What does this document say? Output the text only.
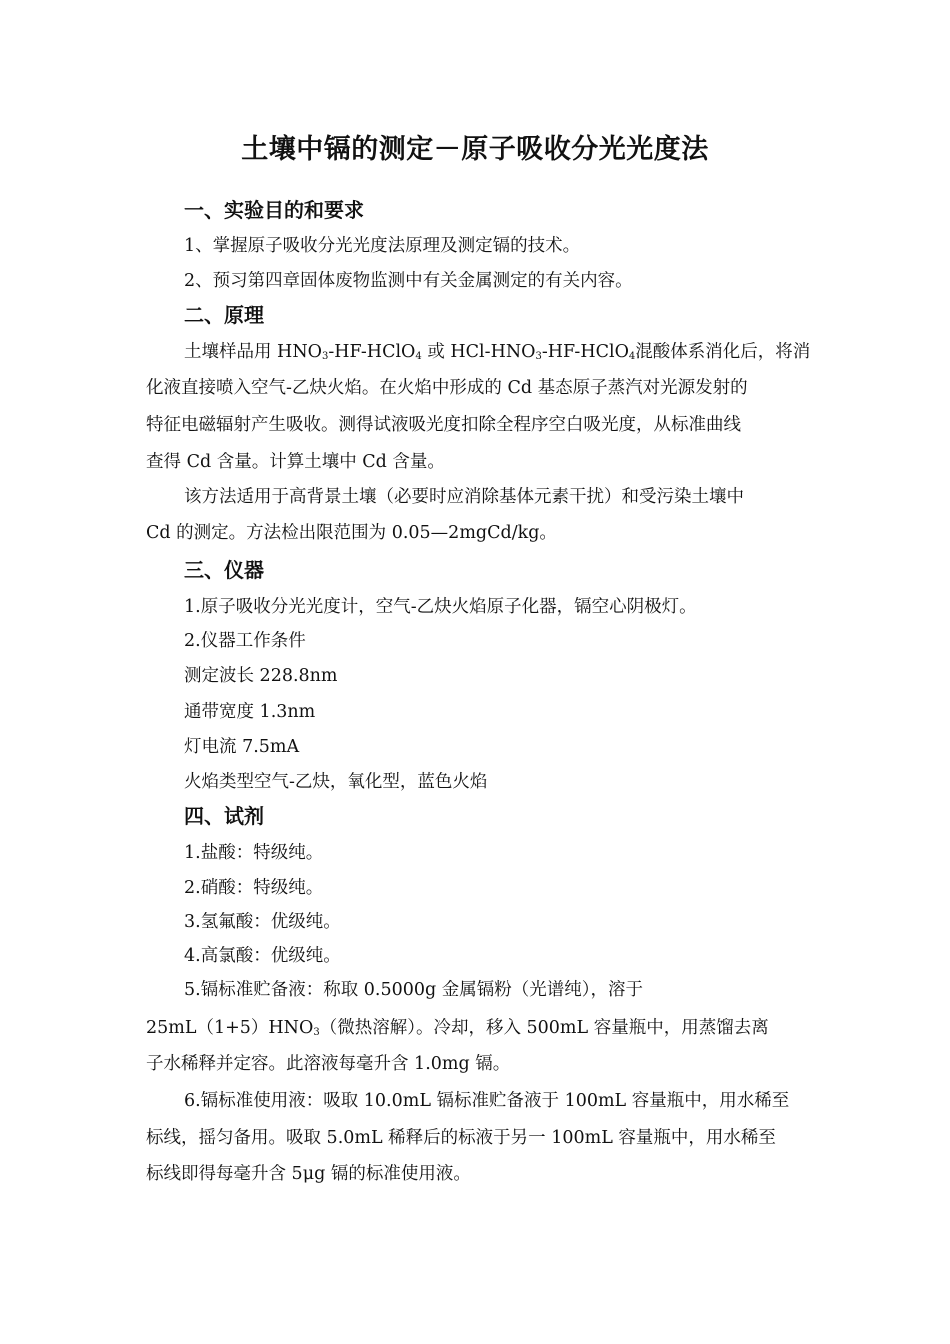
土壤中镉的测定－原子吸收分光光度法
一、实验目的和要求
1、掌握原子吸收分光光度法原理及测定镉的技术。
2、预习第四章固体废物监测中有关金属测定的有关内容。
二、原理
土壤样品用 $HNO_3-HF-HClO_4$ 或 HCl-$HNO_3-HF-HClO_4$混酸体系消化后，将消
化液直接喷入空气-乙炔火焰。在火焰中形成的 Cd 基态原子蒸汽对光源发射的
特征电磁辐射产生吸收。测得试液吸光度扣除全程序空白吸光度，从标准曲线
查得 Cd 含量。计算土壤中 Cd 含量。
该方法适用于高背景土壤（必要时应消除基体元素干扰）和受污染土壤中
Cd 的测定。方法检出限范围为 0.05—2mgCd/kg。
三、仪器
1.原子吸收分光光度计，空气-乙炔火焰原子化器，镉空心阴极灯。
2.仪器工作条件
测定波长 228.8nm
通带宽度 1.3nm
灯电流 7.5mA
火焰类型空气-乙炔，氧化型，蓝色火焰
四、试剂
1.盐酸：特级纯。
2.硝酸：特级纯。
3.氢氟酸：优级纯。
4.高氯酸：优级纯。
5.镉标准贮备液：称取 0.5000g 金属镉粉（光谱纯），溶于
$25mL(1+5)HNO_3$（微热溶解）。冷却，移入 500mL 容量瓶中，用蒸馏去离
子水稀释并定容。此溶液每毫升含 1.0mg 镉。
6.镉标准使用液：吸取 10.0mL 镉标准贮备液于 100mL 容量瓶中，用水稀至
标线，摇匀备用。吸取 5.0mL 稀释后的标液于另一 100mL 容量瓶中，用水稀至
标线即得每毫升含 5μg 镉的标准使用液。
